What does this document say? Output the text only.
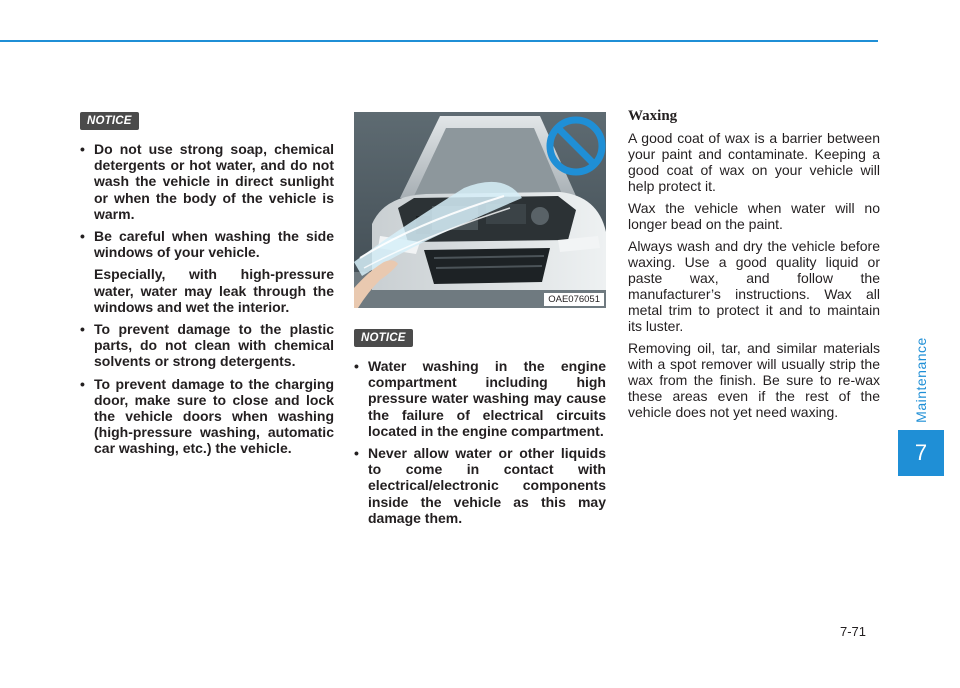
NOTICE
• Do not use strong soap, chemical detergents or hot water, and do not wash the vehicle in direct sunlight or when the body of the vehicle is warm.
• Be careful when washing the side windows of your vehicle.
Especially, with high-pressure water, water may leak through the windows and wet the interior.
• To prevent damage to the plastic parts, do not clean with chemical solvents or strong detergents.
• To prevent damage to the charging door, make sure to close and lock the vehicle doors when washing (high-pressure washing, automatic car washing, etc.) the vehicle.
OAE076051
NOTICE
• Water washing in the engine compartment including high pressure water washing may cause the failure of electrical circuits located in the engine compartment.
• Never allow water or other liquids to come in contact with electrical/electronic components inside the vehicle as this may damage them.
Waxing

A good coat of wax is a barrier between your paint and contaminate. Keeping a good coat of wax on your vehicle will help protect it.

Wax the vehicle when water will no longer bead on the paint.

Always wash and dry the vehicle before waxing. Use a good quality liquid or paste wax, and follow the manufacturer’s instructions. Wax all metal trim to protect it and to maintain its luster.

Removing oil, tar, and similar materials with a spot remover will usually strip the wax from the finish. Be sure to re-wax these areas even if the rest of the vehicle does not yet need waxing.	Maintenance
7
7-71
